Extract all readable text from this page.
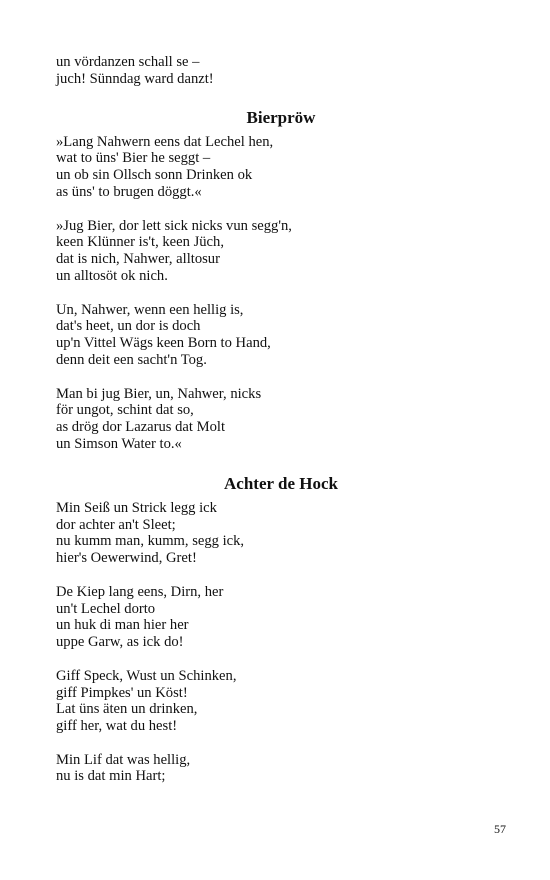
un vördanzen schall se –
juch! Sünndag ward danzt!
Bierpröw
»Lang Nahwern eens dat Lechel hen,
wat to üns' Bier he seggt –
un ob sin Ollsch sonn Drinken ok
as üns' to brugen döggt.«
»Jug Bier, dor lett sick nicks vun segg'n,
keen Klünner is't, keen Jüch,
dat is nich, Nahwer, alltosur
un alltosöt ok nich.
Un, Nahwer, wenn een hellig is,
dat's heet, un dor is doch
up'n Vittel Wägs keen Born to Hand,
denn deit een sacht'n Tog.
Man bi jug Bier, un, Nahwer, nicks
för ungot, schint dat so,
as drög dor Lazarus dat Molt
un Simson Water to.«
Achter de Hock
Min Seiß un Strick legg ick
dor achter an't Sleet;
nu kumm man, kumm, segg ick,
hier's Oewerwind, Gret!
De Kiep lang eens, Dirn, her
un't Lechel dorto
un huk di man hier her
uppe Garw, as ick do!
Giff Speck, Wust un Schinken,
giff Pimpkes' un Köst!
Lat üns äten un drinken,
giff her, wat du hest!
Min Lif dat was hellig,
nu is dat min Hart;
57
